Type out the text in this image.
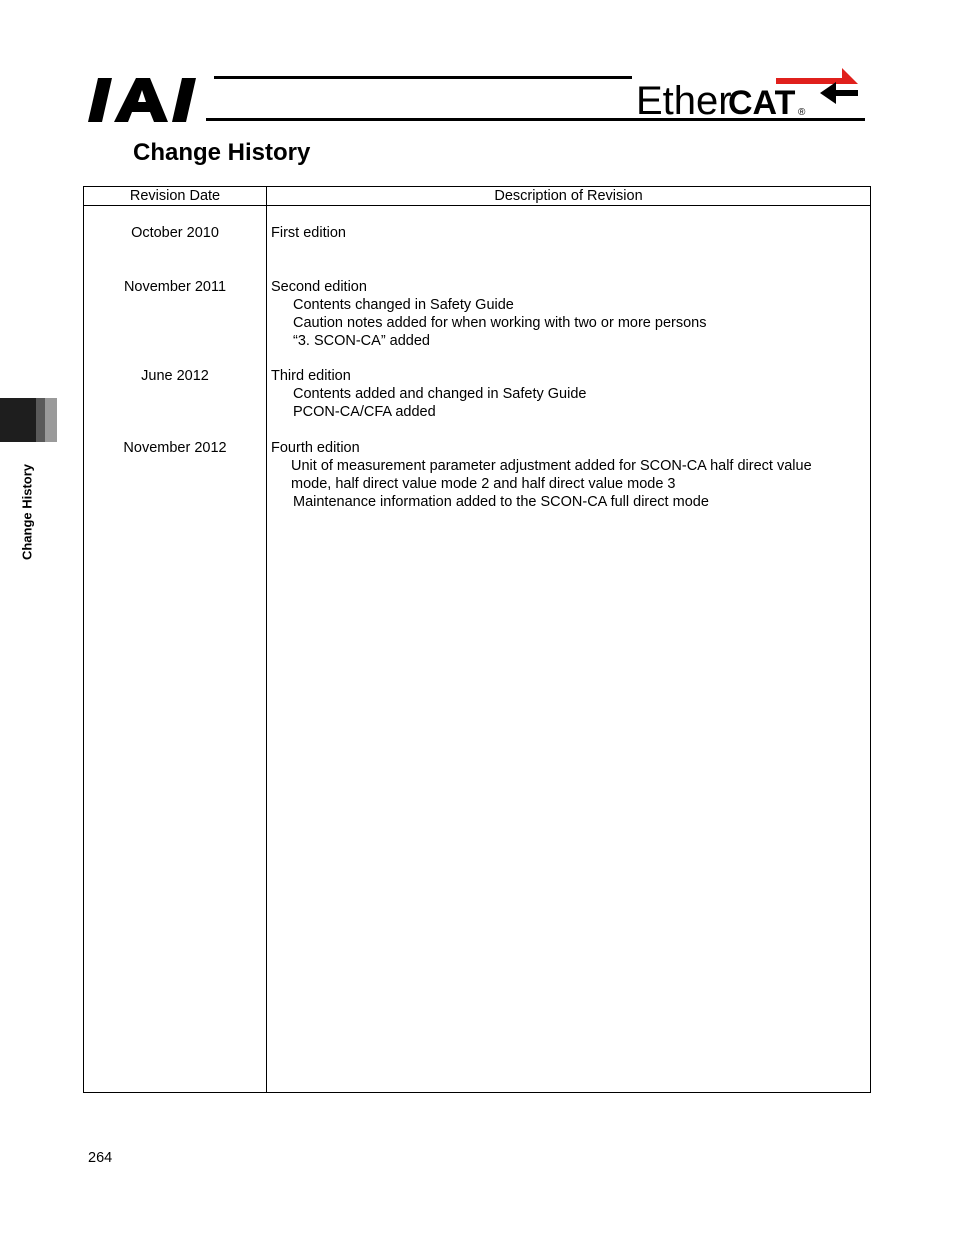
Ether
CAT ®
Change History
Change History
Revision Date	Description of Revision
October 2010	First edition
November 2011	Second edition
Contents changed in Safety Guide
Caution notes added for when working with two or more persons
“3. SCON-CA” added
June 2012	Third edition
Contents added and changed in Safety Guide
PCON-CA/CFA added
November 2012	Fourth edition
Unit of measurement parameter adjustment added for SCON-CA half direct value
mode, half direct value mode 2 and half direct value mode 3
Maintenance information added to the SCON-CA full direct mode
264
